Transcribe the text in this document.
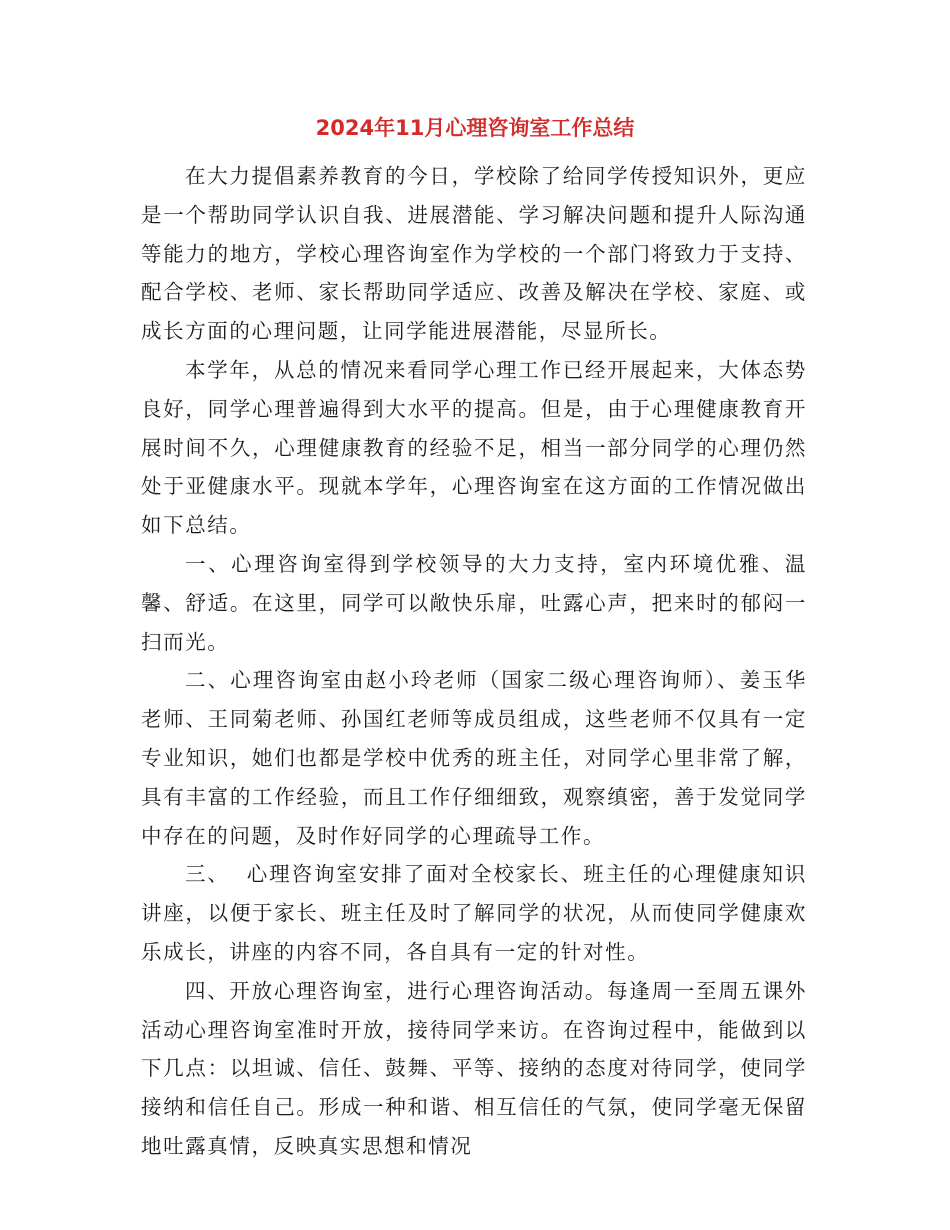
2024年11月心理咨询室工作总结

在大力提倡素养教育的今日，学校除了给同学传授知识外，更应是一个帮助同学认识自我、进展潜能、学习解决问题和提升人际沟通等能力的地方，学校心理咨询室作为学校的一个部门将致力于支持、配合学校、老师、家长帮助同学适应、改善及解决在学校、家庭、或成长方面的心理问题，让同学能进展潜能，尽显所长。

本学年，从总的情况来看同学心理工作已经开展起来，大体态势良好，同学心理普遍得到大水平的提高。但是，由于心理健康教育开展时间不久，心理健康教育的经验不足，相当一部分同学的心理仍然处于亚健康水平。现就本学年，心理咨询室在这方面的工作情况做出如下总结。

一、心理咨询室得到学校领导的大力支持，室内环境优雅、温馨、舒适。在这里，同学可以敞快乐扉，吐露心声，把来时的郁闷一扫而光。

二、心理咨询室由赵小玲老师（国家二级心理咨询师）、姜玉华老师、王同菊老师、孙国红老师等成员组成，这些老师不仅具有一定专业知识，她们也都是学校中优秀的班主任，对同学心里非常了解，具有丰富的工作经验，而且工作仔细细致，观察缜密，善于发觉同学中存在的问题，及时作好同学的心理疏导工作。

三、  心理咨询室安排了面对全校家长、班主任的心理健康知识讲座，以便于家长、班主任及时了解同学的状况，从而使同学健康欢乐成长，讲座的内容不同，各自具有一定的针对性。

四、开放心理咨询室，进行心理咨询活动。每逢周一至周五课外活动心理咨询室准时开放，接待同学来访。在咨询过程中，能做到以下几点：以坦诚、信任、鼓舞、平等、接纳的态度对待同学，使同学接纳和信任自己。形成一种和谐、相互信任的气氛，使同学毫无保留地吐露真情，反映真实思想和情况
